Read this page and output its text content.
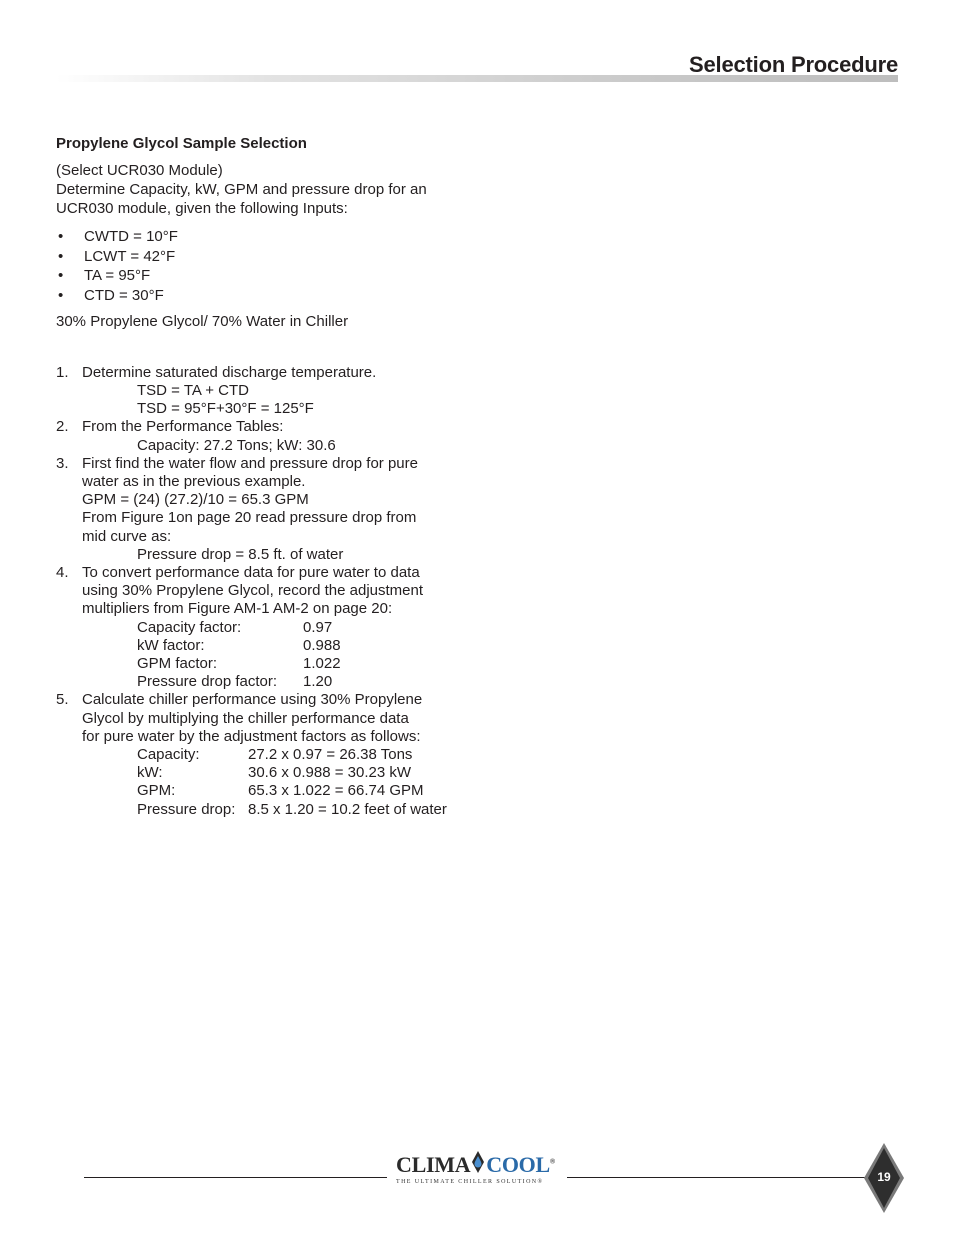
Selection Procedure
Propylene Glycol Sample Selection
(Select UCR030 Module)
Determine Capacity, kW, GPM and pressure drop for an
UCR030 module, given the following Inputs:
• CWTD = 10°F
• LCWT = 42°F
• TA = 95°F
• CTD = 30°F
30% Propylene Glycol/ 70% Water in Chiller
1. Determine saturated discharge temperature.
TSD = TA + CTD
TSD = 95°F+30°F = 125°F
2. From the Performance Tables:
Capacity: 27.2 Tons; kW: 30.6
3. First find the water flow and pressure drop for pure
water as in the previous example.
GPM = (24) (27.2)/10 = 65.3 GPM
From Figure 1on page 20 read pressure drop from
mid curve as:
Pressure drop = 8.5 ft. of water
4. To convert performance data for pure water to data
using 30% Propylene Glycol, record the adjustment
multipliers from Figure AM-1 AM-2 on page 20:
Capacity factor:	0.97
kW factor:	0.988
GPM factor:	1.022
Pressure drop factor:	1.20
5. Calculate chiller performance using 30% Propylene
Glycol by multiplying the chiller performance data
for pure water by the adjustment factors as follows:
Capacity:	27.2 x 0.97 = 26.38 Tons
kW:	30.6 x 0.988 = 30.23 kW
GPM:	65.3 x 1.022 = 66.74 GPM
Pressure drop: 8.5 x 1.20 = 10.2 feet of water
CLIMA COOL®
THE ULTIMATE CHILLER SOLUTION®	19
